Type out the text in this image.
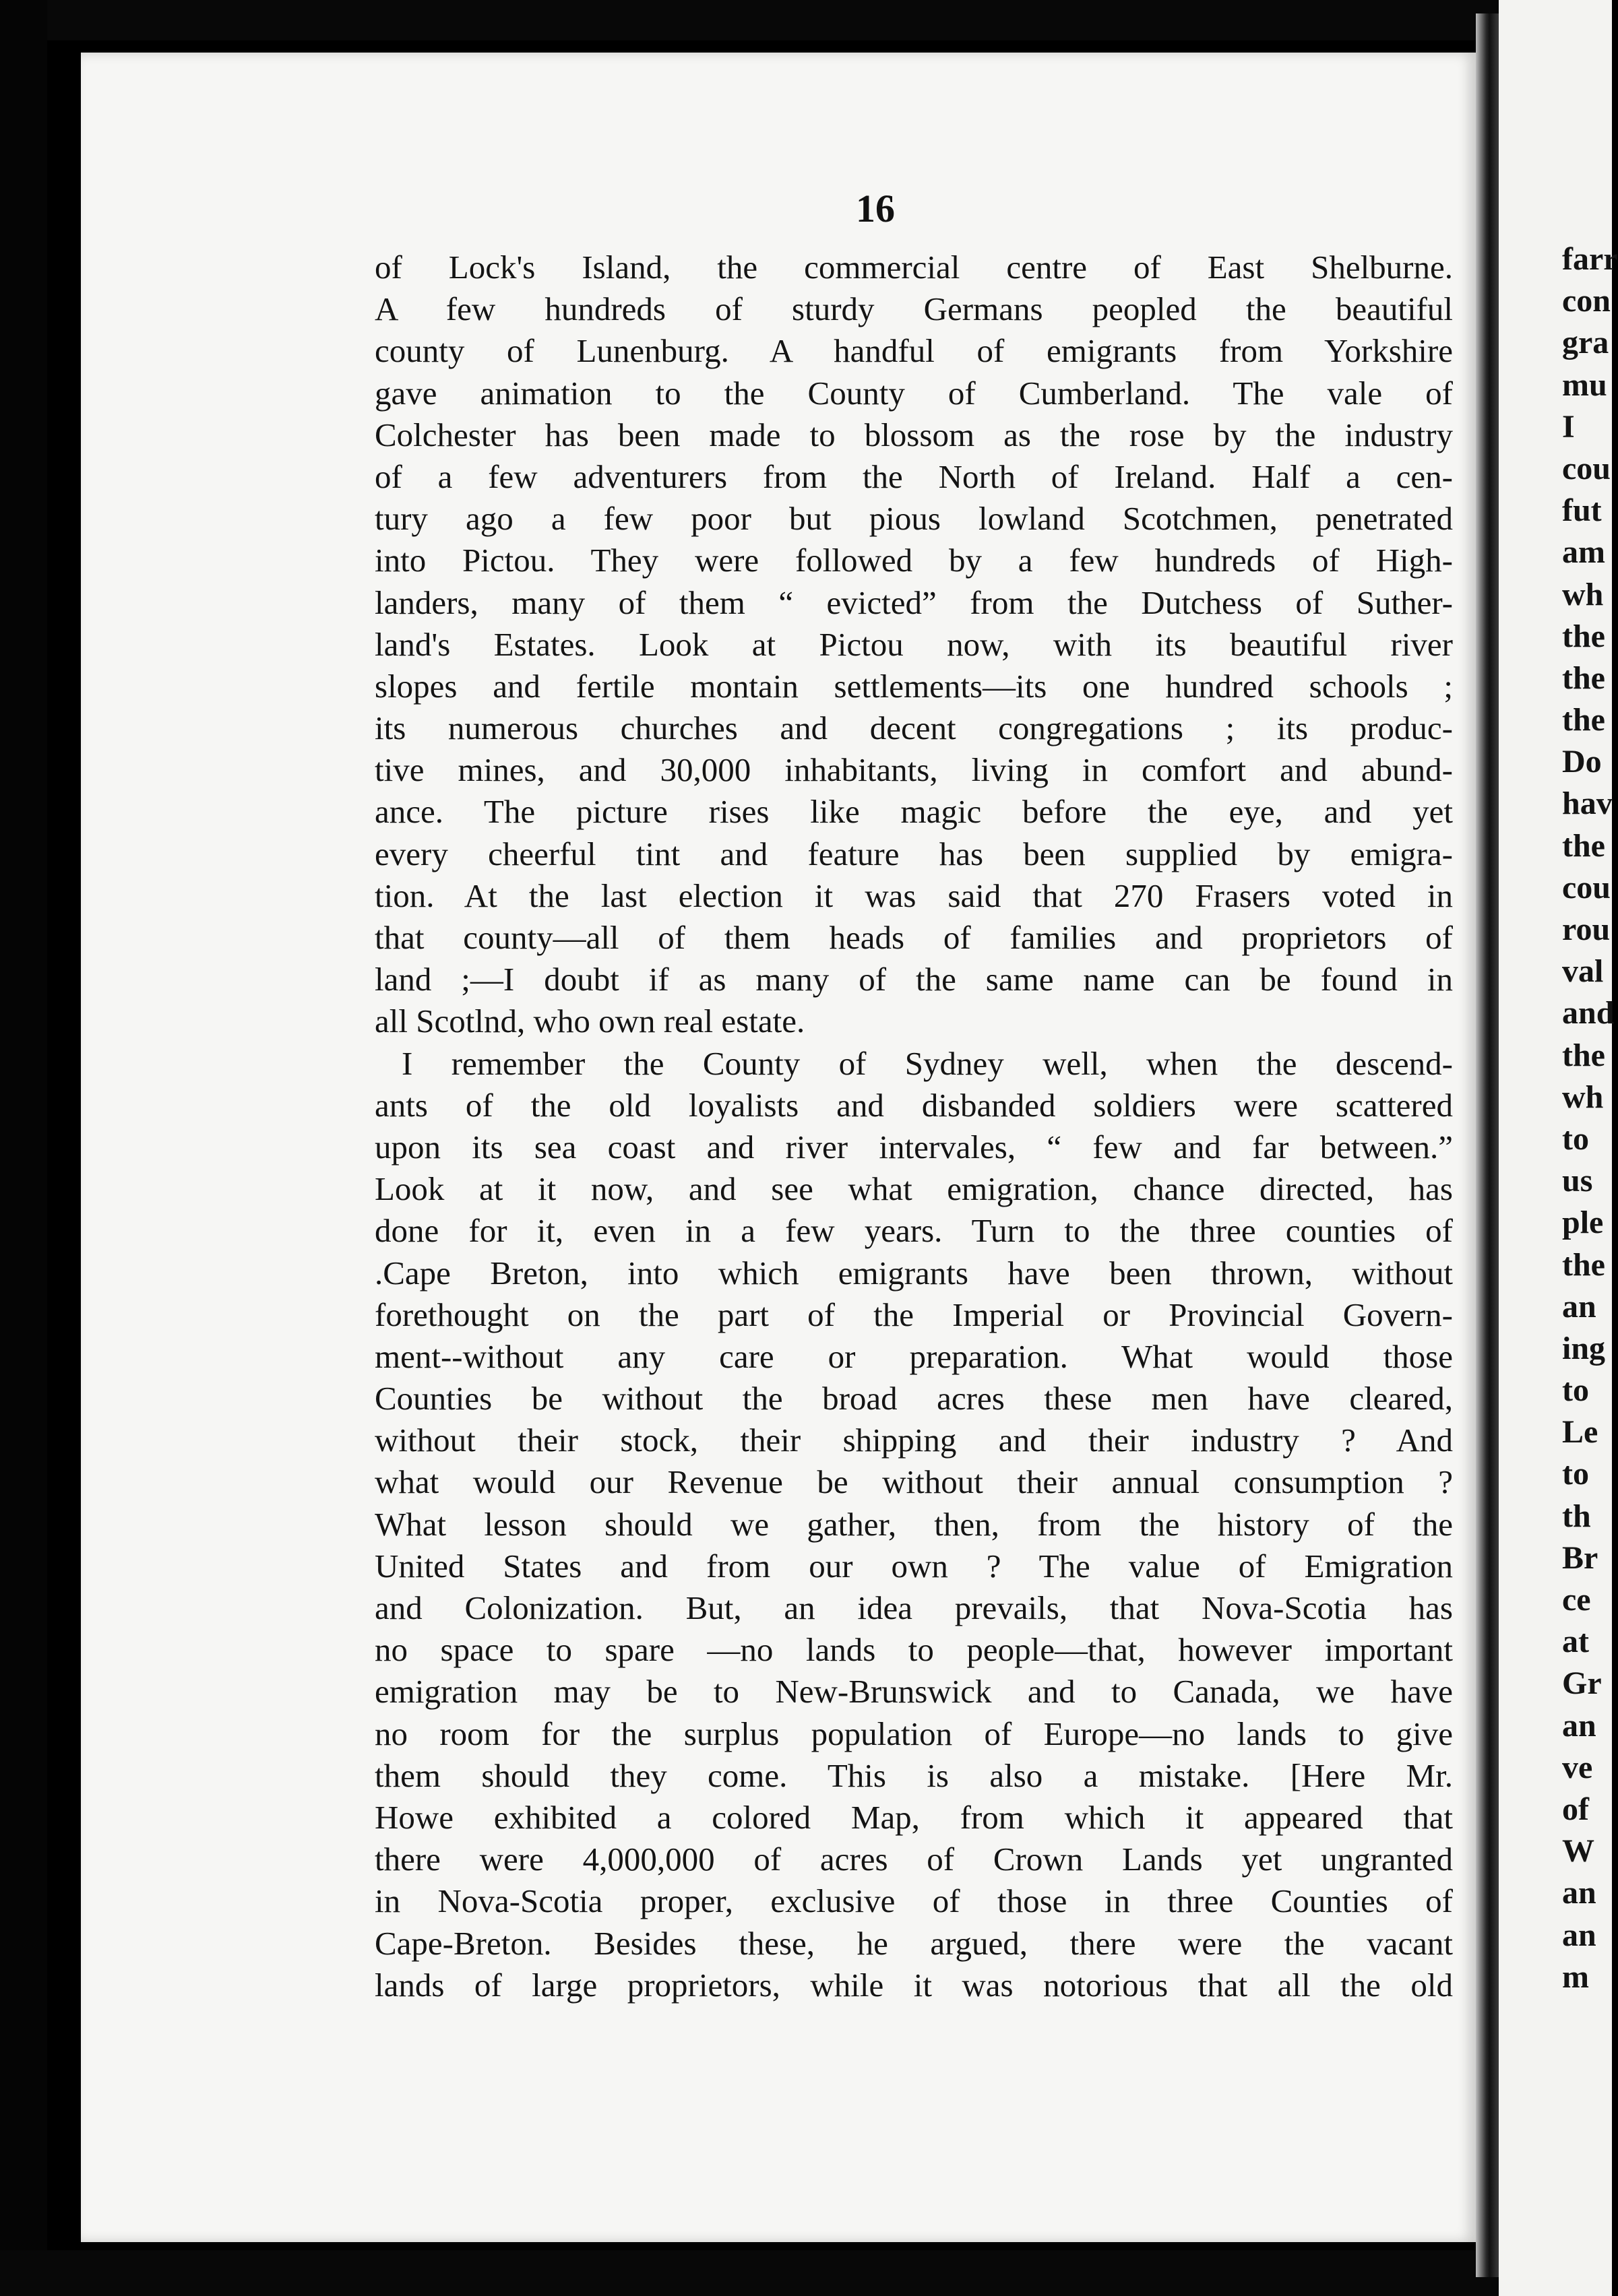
16
of Lock's Island, the commercial centre of East Shelburne.
A few hundreds of sturdy Germans peopled the beautiful
county of Lunenburg. A handful of emigrants from Yorkshire
gave animation to the County of Cumberland. The vale of
Colchester has been made to blossom as the rose by the industry
of a few adventurers from the North of Ireland. Half a cen-
tury ago a few poor but pious lowland Scotchmen, penetrated
into Pictou. They were followed by a few hundreds of High-
landers, many of them “ evicted” from the Dutchess of Suther-
land's Estates. Look at Pictou now, with its beautiful river
slopes and fertile montain settlements—its one hundred schools ;
its numerous churches and decent congregations ; its produc-
tive mines, and 30,000 inhabitants, living in comfort and abund-
ance. The picture rises like magic before the eye, and yet
every cheerful tint and feature has been supplied by emigra-
tion. At the last election it was said that 270 Frasers voted in
that county—all of them heads of families and proprietors of
land ;—I doubt if as many of the same name can be found in
all Scotlnd, who own real estate.
I remember the County of Sydney well, when the descend-
ants of the old loyalists and disbanded soldiers were scattered
upon its sea coast and river intervales, “ few and far between.”
Look at it now, and see what emigration, chance directed, has
done for it, even in a few years. Turn to the three counties of
.Cape Breton, into which emigrants have been thrown, without
forethought on the part of the Imperial or Provincial Govern-
ment--without any care or preparation. What would those
Counties be without the broad acres these men have cleared,
without their stock, their shipping and their industry ? And
what would our Revenue be without their annual consumption ?
What lesson should we gather, then, from the history of the
United States and from our own ? The value of Emigration
and Colonization. But, an idea prevails, that Nova-Scotia has
no space to spare —no lands to people—that, however important
emigration may be to New-Brunswick and to Canada, we have
no room for the surplus population of Europe—no lands to give
them should they come. This is also a mistake. [Here Mr.
Howe exhibited a colored Map, from which it appeared that
there were 4,000,000 of acres of Crown Lands yet ungranted
in Nova-Scotia proper, exclusive of those in three Counties of
Cape-Breton. Besides these, he argued, there were the vacant
lands of large proprietors, while it was notorious that all the old
farr
con
gra
mu
I
cou
fut
am
wh
the
the
the
Do
hav
the
cou
rou
val
and
the
wh
to
us
ple
the
an
ing
to
Le
to
th
Br
ce
at
Gr
an
ve
of
W
an
an
m
